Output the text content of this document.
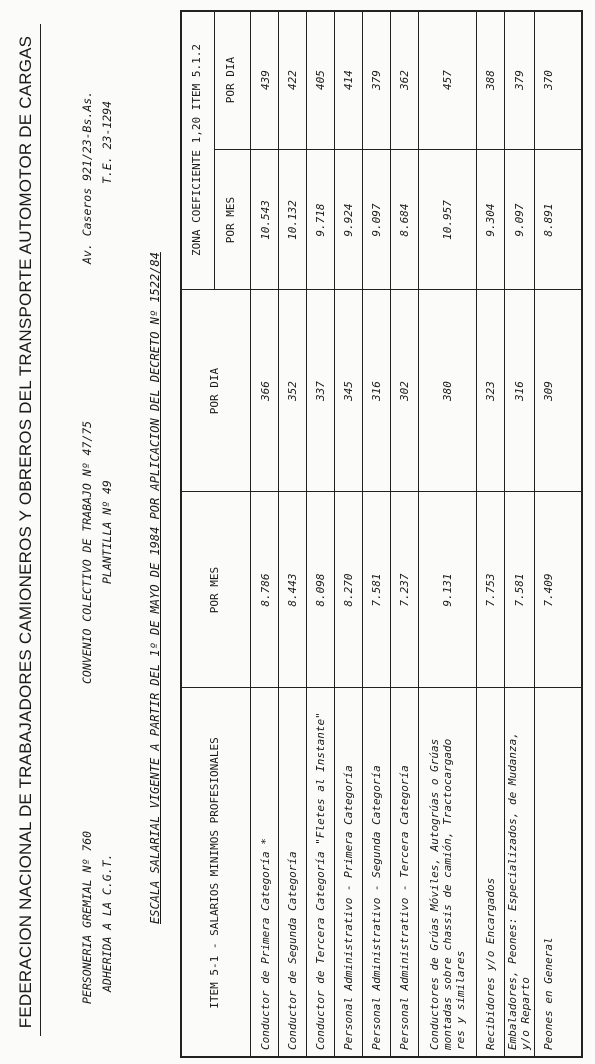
FEDERACION NACIONAL DE TRABAJADORES CAMIONEROS Y OBREROS DEL TRANSPORTE AUTOMOTOR DE CARGAS	PERSONERIA GREMIAL Nº 760 ADHERIDA A LA C.G.T.
CONVENIO COLECTIVO DE TRABAJO Nº 47/75 PLANTILLA Nº 49
Av. Caseros 921/23-Bs.As. T.E. 23-1294
ESCALA SALARIAL VIGENTE A PARTIR DEL 1º DE MAYO DE 1984 POR APLICACION DEL DECRETO Nº 1522/84	ITEM 5-1 - SALARIOS MINIMOS PROFESIONALES
POR MES
POR DIA
ZONA COEFICIENTE 1,20 ITEM 5.1.2 POR MES
POR DIA
Conductor de Primera Categoría *
8.786
366
10.543
439
Conductor de Segunda Categoría
8.443
352
10.132
422
Conductor de Tercera Categoría "Fletes al Instante"
8.098
337
9.718
405
Personal Administrativo - Primera Categoría
8.270
345
9.924
414
Personal Administrativo - Segunda Categoría
7.581
316
9.097
379
Personal Administrativo - Tercera Categoría
7.237
302
8.684
362
Conductores de Grúas Móviles, Autogrúas o Grúas montadas sobre chassis de camión, Tractocargado res y similares
9.131
380
10.957
457
Recibidores y/o Encargados
7.753
323
9.304
388
Embaladores, Peones: Especializados, de Mudanza, y/o Reparto
7.581
316
9.097
379
Peones en General
7.409
309
8.891
370
